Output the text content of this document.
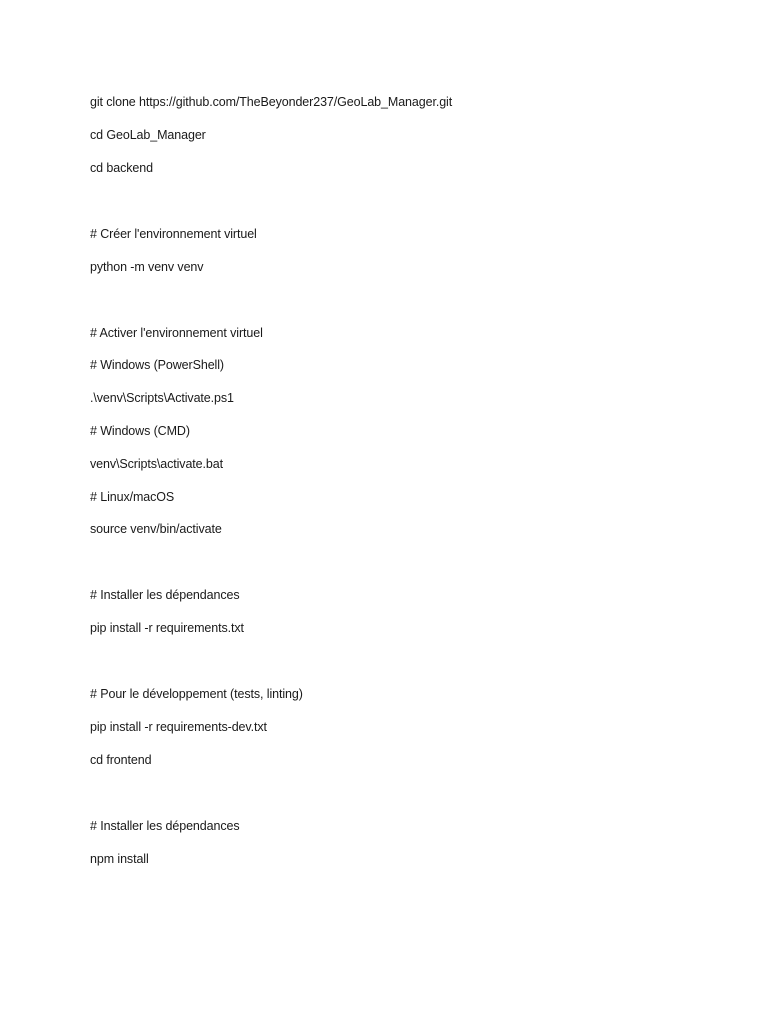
git clone https://github.com/TheBeyonder237/GeoLab_Manager.git
cd GeoLab_Manager
cd backend
# Créer l'environnement virtuel
python -m venv venv
# Activer l'environnement virtuel
# Windows (PowerShell)
.\venv\Scripts\Activate.ps1
# Windows (CMD)
venv\Scripts\activate.bat
# Linux/macOS
source venv/bin/activate
# Installer les dépendances
pip install -r requirements.txt
# Pour le développement (tests, linting)
pip install -r requirements-dev.txt
cd frontend
# Installer les dépendances
npm install
